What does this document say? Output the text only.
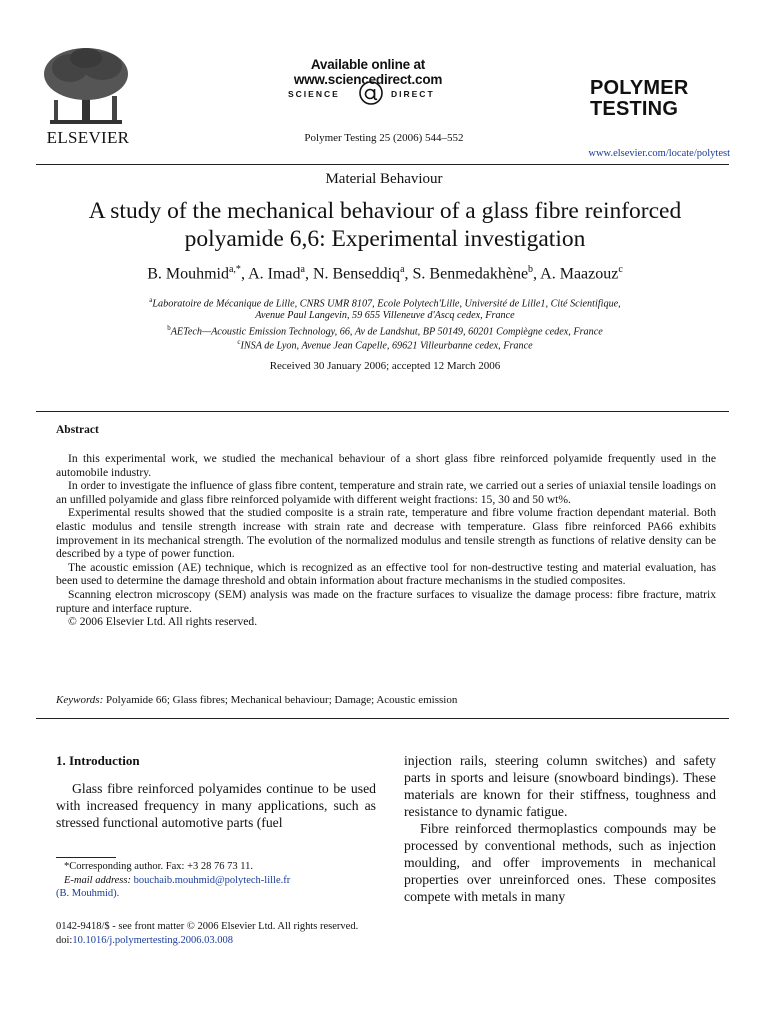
ELSEVIER
Available online at www.sciencedirect.com
SCIENCE	DIRECT
Polymer Testing 25 (2006) 544–552
POLYMER
TESTING
www.elsevier.com/locate/polytest
Material Behaviour
A study of the mechanical behaviour of a glass fibre reinforced
polyamide 6,6: Experimental investigation
B. Mouhmid$^{a,*}$, A. Imad$^a$, N. Benseddiq$^a$, S. Benmedakhène$^b$, A. Maazouz$^c$
$^a$Laboratoire de Mécanique de Lille, CNRS UMR 8107, Ecole Polytech'Lille, Université de Lille1, Cité Scientifique,
Avenue Paul Langevin, 59 655 Villeneuve d'Ascq cedex, France
$^b$AETech—Acoustic Emission Technology, 66, Av de Landshut, BP 50149, 60201 Compiègne cedex, France
$^c$INSA de Lyon, Avenue Jean Capelle, 69621 Villeurbanne cedex, France
Received 30 January 2006; accepted 12 March 2006
Abstract

In this experimental work, we studied the mechanical behaviour of a short glass fibre reinforced polyamide frequently used in the automobile industry.

In order to investigate the influence of glass fibre content, temperature and strain rate, we carried out a series of uniaxial tensile loadings on an unfilled polyamide and glass fibre reinforced polyamide with different weight fractions: 15, 30 and 50 wt%.

Experimental results showed that the studied composite is a strain rate, temperature and fibre volume fraction dependant material. Both elastic modulus and tensile strength increase with strain rate and decrease with temperature. Glass fibre reinforced PA66 exhibits improvement in its mechanical strength. The evolution of the normalized modulus and tensile strength as functions of relative density can be described by a type of power function.

The acoustic emission (AE) technique, which is recognized as an effective tool for non-destructive testing and material evaluation, has been used to determine the damage threshold and obtain information about fracture mechanisms in the studied composites.

Scanning electron microscopy (SEM) analysis was made on the fracture surfaces to visualize the damage process: fibre fracture, matrix rupture and interface rupture.

© 2006 Elsevier Ltd. All rights reserved.

Keywords: Polyamide 66; Glass fibres; Mechanical behaviour; Damage; Acoustic emission
1. Introduction

Glass fibre reinforced polyamides continue to be used with increased frequency in many applications, such as stressed functional automotive parts (fuel

injection rails, steering column switches) and safety parts in sports and leisure (snowboard bindings). These materials are known for their stiffness, toughness and resistance to dynamic fatigue.

Fibre reinforced thermoplastics compounds may be processed by conventional methods, such as injection moulding, and offer improvements in mechanical properties over unreinforced ones. These composites compete with metals in many

*Corresponding author. Fax: +3 28 76 73 11.
E-mail address: bouchaib.mouhmid@polytech-lille.fr
(B. Mouhmid).
0142-9418/$ - see front matter © 2006 Elsevier Ltd. All rights reserved.
doi:10.1016/j.polymertesting.2006.03.008
